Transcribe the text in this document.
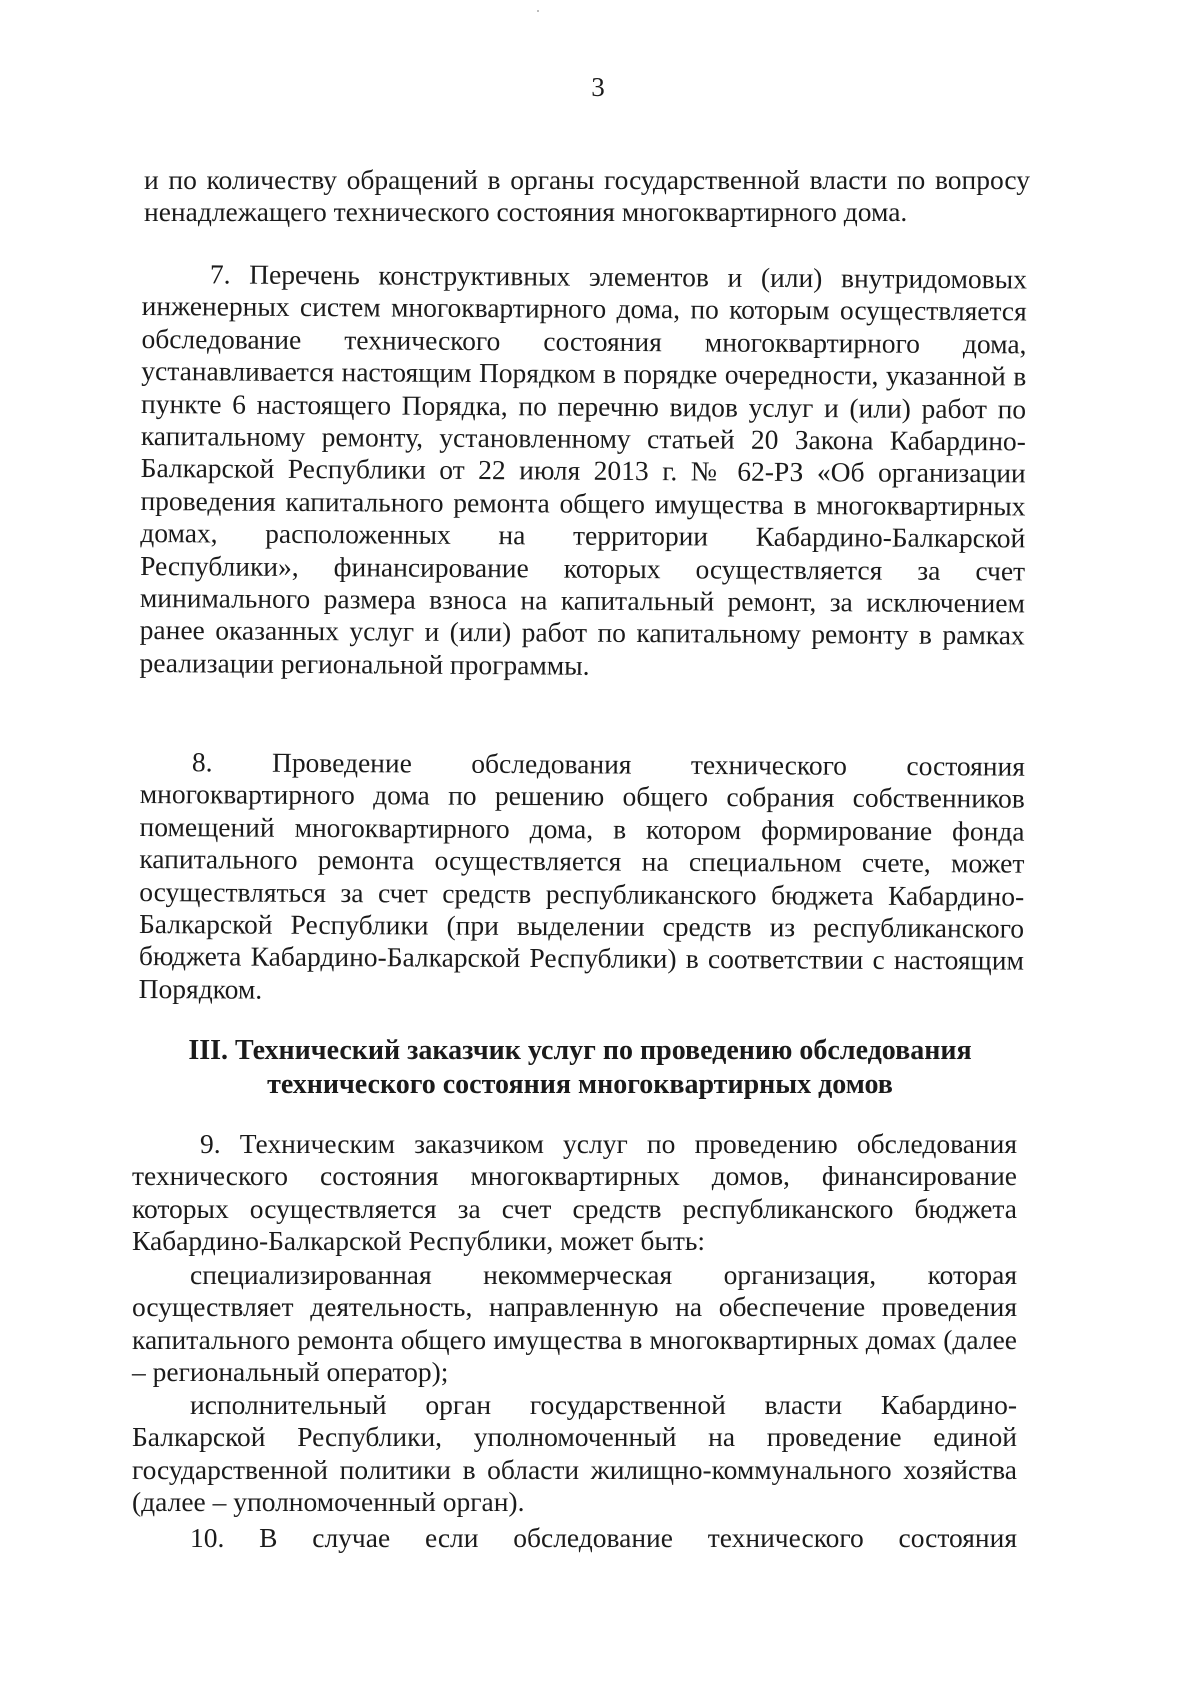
3

и по количеству обращений в органы государственной власти по вопросу ненадлежащего технического состояния многоквартирного дома.

7. Перечень конструктивных элементов и (или) внутридомовых инженерных систем многоквартирного дома, по которым осуществляется обследование технического состояния многоквартирного дома, устанавливается настоящим Порядком в порядке очередности, указанной в пункте 6 настоящего Порядка, по перечню видов услуг и (или) работ по капитальному ремонту, установленному статьей 20 Закона Кабардино-Балкарской Республики от 22 июля 2013 г. № 62-РЗ «Об организации проведения капитального ремонта общего имущества в многоквартирных домах, расположенных на территории Кабардино-Балкарской Республики», финансирование которых осуществляется за счет минимального размера взноса на капитальный ремонт, за исключением ранее оказанных услуг и (или) работ по капитальному ремонту в рамках реализации региональной программы.

8. Проведение обследования технического состояния многоквартирного дома по решению общего собрания собственников помещений многоквартирного дома, в котором формирование фонда капитального ремонта осуществляется на специальном счете, может осуществляться за счет средств республиканского бюджета Кабардино-Балкарской Республики (при выделении средств из республиканского бюджета Кабардино-Балкарской Республики) в соответствии с настоящим Порядком.

III. Технический заказчик услуг по проведению обследования
технического состояния многоквартирных домов

9. Техническим заказчиком услуг по проведению обследования технического состояния многоквартирных домов, финансирование которых осуществляется за счет средств республиканского бюджета Кабардино-Балкарской Республики, может быть:

специализированная некоммерческая организация, которая осуществляет деятельность, направленную на обеспечение проведения капитального ремонта общего имущества в многоквартирных домах (далее – региональный оператор);

исполнительный орган государственной власти Кабардино-Балкарской Республики, уполномоченный на проведение единой государственной политики в области жилищно-коммунального хозяйства (далее – уполномоченный орган).

10. В случае если обследование технического состояния
